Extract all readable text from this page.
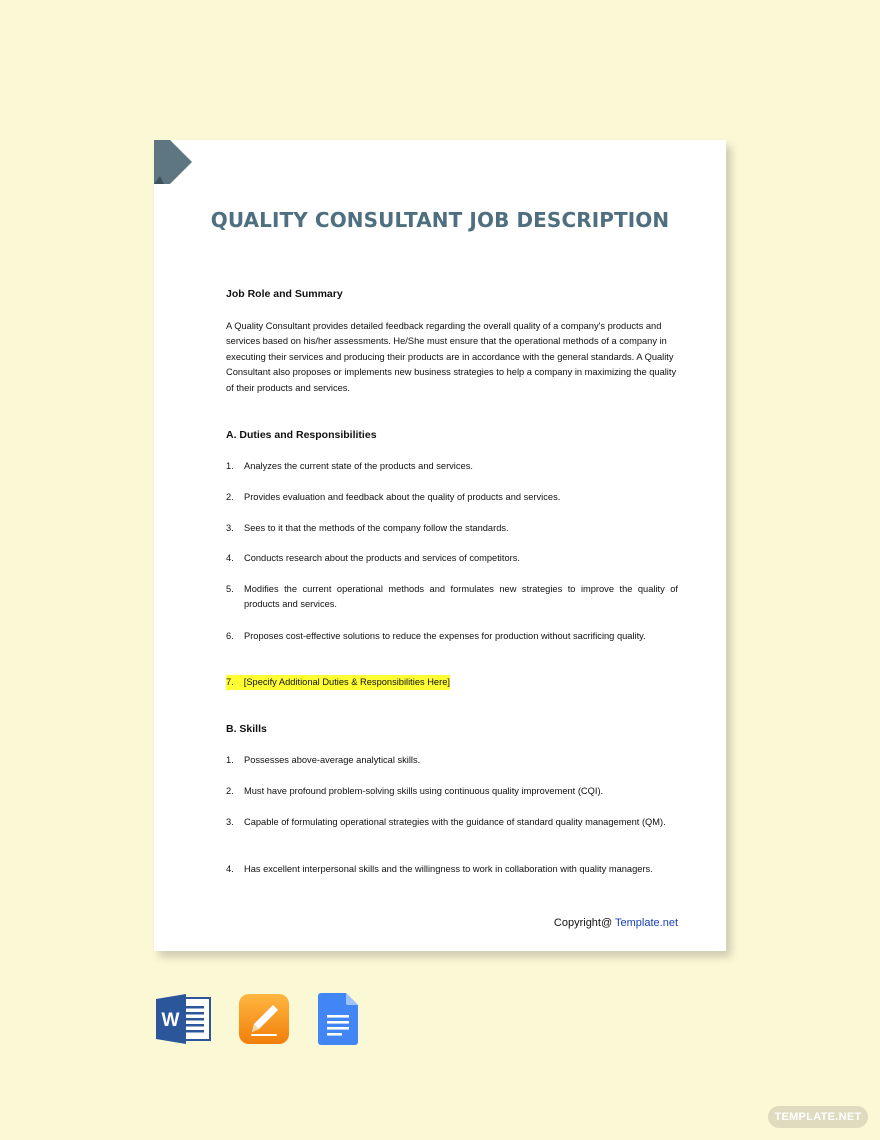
QUALITY CONSULTANT JOB DESCRIPTION
Job Role and Summary
A Quality Consultant provides detailed feedback regarding the overall quality of a company's products and services based on his/her assessments. He/She must ensure that the operational methods of a company in executing their services and producing their products are in accordance with the general standards. A Quality Consultant also proposes or implements new business strategies to help a company in maximizing the quality of their products and services.
A. Duties and Responsibilities
1.	Analyzes the current state of the products and services.
2.	Provides evaluation and feedback about the quality of products and services.
3.	Sees to it that the methods of the company follow the standards.
4.	Conducts research about the products and services of competitors.
5.	Modifies the current operational methods and formulates new strategies to improve the quality of products and services.
6.	Proposes cost-effective solutions to reduce the expenses for production without sacrificing quality.
7. [Specify Additional Duties & Responsibilities Here]
B. Skills
1.	Possesses above-average analytical skills.
2.	Must have profound problem-solving skills using continuous quality improvement (CQI).
3.	Capable of formulating operational strategies with the guidance of standard quality management (QM).
4.	Has excellent interpersonal skills and the willingness to work in collaboration with quality managers.
Copyright@ Template.net
W
TEMPLATE.NET
